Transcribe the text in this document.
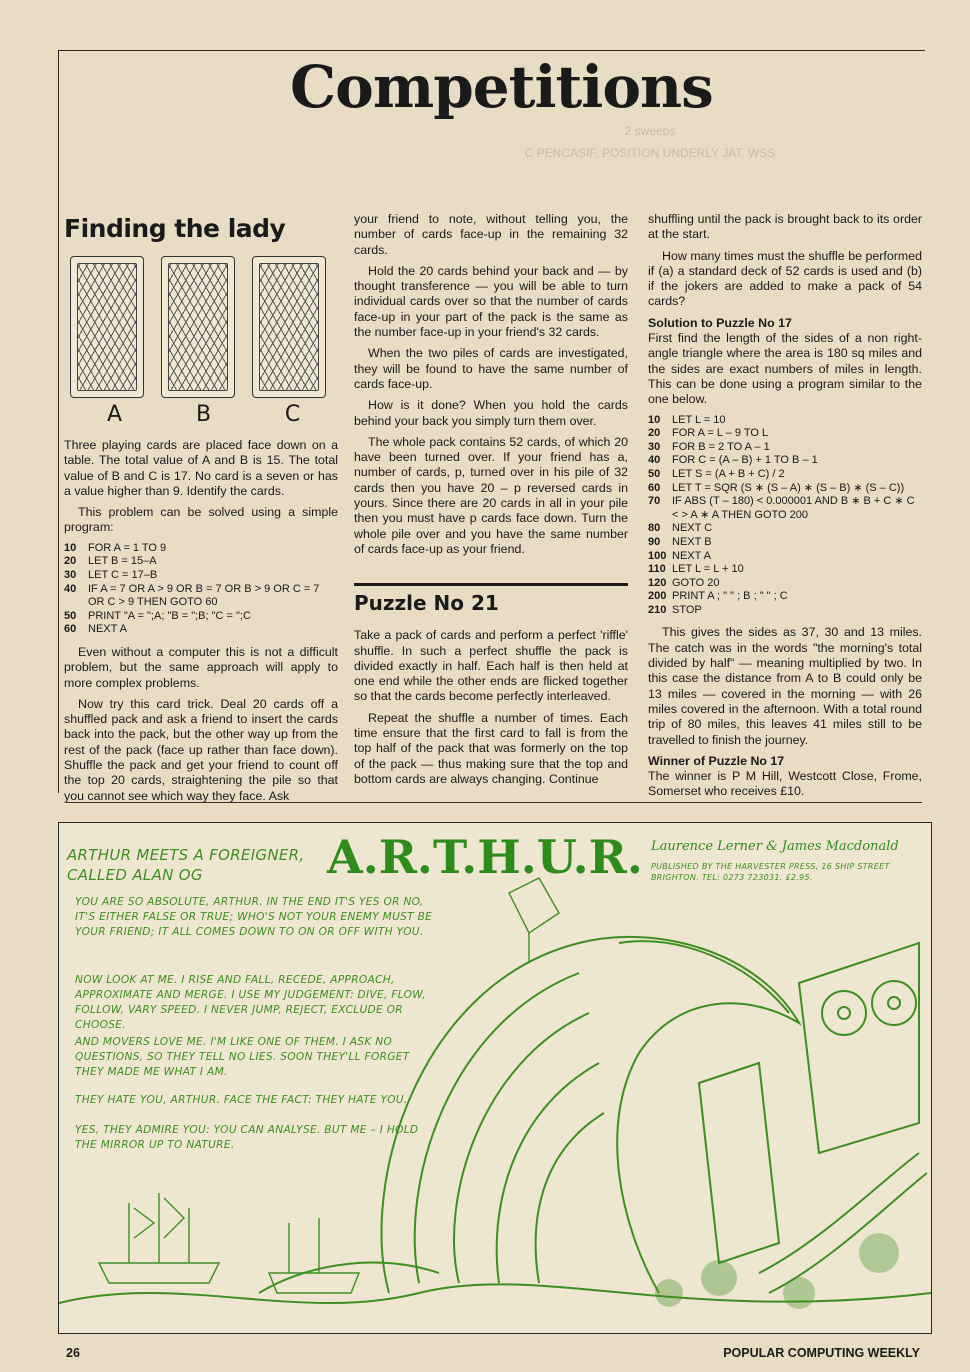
Competitions
2 sweeps
C PENCASIF, POSITION UNDERLY JAT, WSS
Finding the lady
A	B	C

Three playing cards are placed face down on a table. The total value of A and B is 15. The total value of B and C is 17. No card is a seven or has a value higher than 9. Identify the cards.

This problem can be solved using a simple program:

10	FOR A = 1 TO 9
20	LET B = 15–A
30	LET C = 17–B
40	IF A = 7 OR A > 9 OR B = 7 OR B > 9 OR C = 7 OR C > 9 THEN GOTO 60
50	PRINT "A = ";A; "B = ";B; "C = ";C
60	NEXT A

Even without a computer this is not a difficult problem, but the same approach will apply to more complex problems.

Now try this card trick. Deal 20 cards off a shuffled pack and ask a friend to insert the cards back into the pack, but the other way up from the rest of the pack (face up rather than face down). Shuffle the pack and get your friend to count off the top 20 cards, straightening the pile so that you cannot see which way they face. Ask

your friend to note, without telling you, the number of cards face-up in the remaining 32 cards.

Hold the 20 cards behind your back and — by thought transference — you will be able to turn individual cards over so that the number of cards face-up in your part of the pack is the same as the number face-up in your friend's 32 cards.

When the two piles of cards are investigated, they will be found to have the same number of cards face-up.

How is it done? When you hold the cards behind your back you simply turn them over.

The whole pack contains 52 cards, of which 20 have been turned over. If your friend has a, number of cards, p, turned over in his pile of 32 cards then you have 20 – p reversed cards in yours. Since there are 20 cards in all in your pile then you must have p cards face down. Turn the whole pile over and you have the same number of cards face-up as your friend.

Puzzle No 21

Take a pack of cards and perform a perfect 'riffle' shuffle. In such a perfect shuffle the pack is divided exactly in half. Each half is then held at one end while the other ends are flicked together so that the cards become perfectly interleaved.

Repeat the shuffle a number of times. Each time ensure that the first card to fall is from the top half of the pack that was formerly on the top of the pack — thus making sure that the top and bottom cards are always changing. Continue

shuffling until the pack is brought back to its order at the start.

How many times must the shuffle be performed if (a) a standard deck of 52 cards is used and (b) if the jokers are added to make a pack of 54 cards?

Solution to Puzzle No 17

First find the length of the sides of a non right-angle triangle where the area is 180 sq miles and the sides are exact numbers of miles in length. This can be done using a program similar to the one below.

10	LET L = 10
20	FOR A = L – 9 TO L
30	FOR B = 2 TO A – 1
40	FOR C = (A – B) + 1 TO B – 1
50	LET S = (A + B + C) / 2
60	LET T = SQR (S ∗ (S – A) ∗ (S – B) ∗ (S – C))
70	IF ABS (T – 180) < 0.000001 AND B ∗ B + C ∗ C < > A ∗ A THEN GOTO 200
80	NEXT C
90	NEXT B
100 NEXT A
110 LET L = L + 10
120 GOTO 20
200 PRINT A ; " " ; B ; " " ; C
210 STOP

This gives the sides as 37, 30 and 13 miles. The catch was in the words "the morning's total divided by half" — meaning multiplied by two. In this case the distance from A to B could only be 13 miles — covered in the morning — with 26 miles covered in the afternoon. With a total round trip of 80 miles, this leaves 41 miles still to be travelled to finish the journey.

Winner of Puzzle No 17

The winner is P M Hill, Westcott Close, Frome, Somerset who receives £10.

ARTHUR MEETS A FOREIGNER, CALLED ALAN OG	A.R.T.H.U.R. Laurence Lerner & James Macdonald
PUBLISHED BY THE HARVESTER PRESS, 16 SHIP STREET BRIGHTON. TEL: 0273 723031. £2.95.
YOU ARE SO ABSOLUTE, ARTHUR. IN THE END IT'S YES OR NO, IT'S EITHER FALSE OR TRUE; WHO'S NOT YOUR ENEMY MUST BE YOUR FRIEND; IT ALL COMES DOWN TO ON OR OFF WITH YOU.
NOW LOOK AT ME. I RISE AND FALL, RECEDE, APPROACH, APPROXIMATE AND MERGE. I USE MY JUDGEMENT: DIVE, FLOW, FOLLOW, VARY SPEED. I NEVER JUMP, REJECT, EXCLUDE OR CHOOSE.
AND MOVERS LOVE ME. I'M LIKE ONE OF THEM. I ASK NO QUESTIONS, SO THEY TELL NO LIES. SOON THEY'LL FORGET THEY MADE ME WHAT I AM.
THEY HATE YOU, ARTHUR. FACE THE FACT: THEY HATE YOU.
YES, THEY ADMIRE YOU: YOU CAN ANALYSE. BUT ME – I HOLD THE MIRROR UP TO NATURE.
26	POPULAR COMPUTING WEEKLY
